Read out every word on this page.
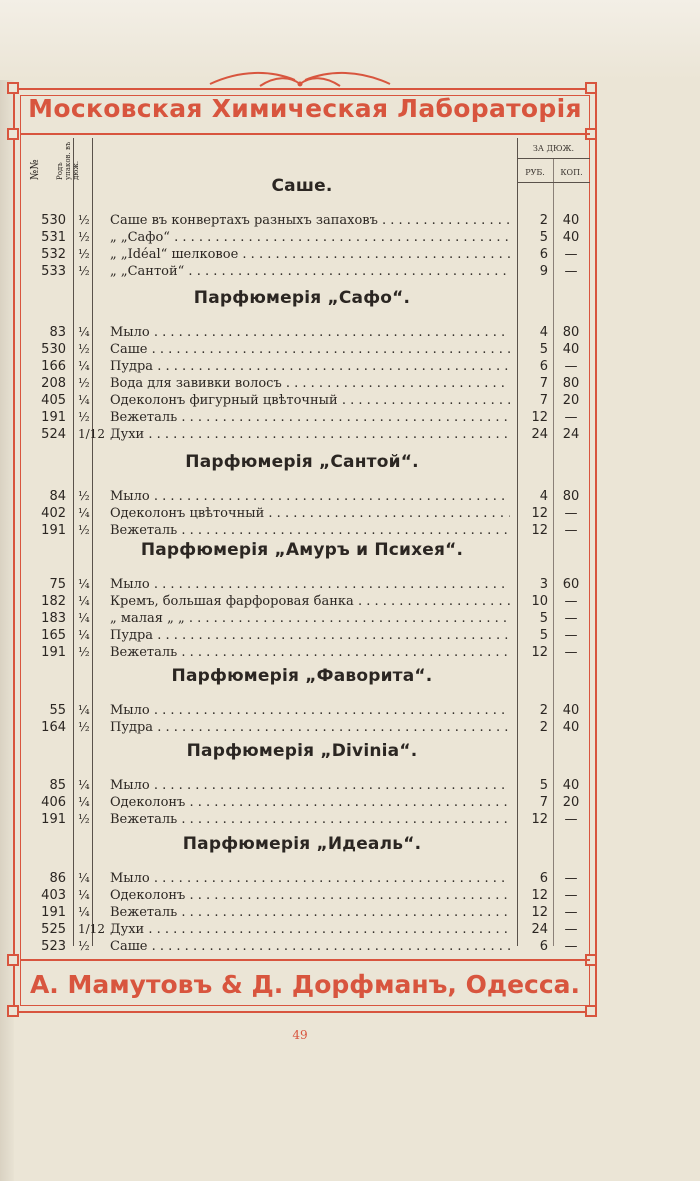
Московская Химическая Лабораторія
№№ Родъ упаков. въ дюж.
ЗА ДЮЖ.
РУБ.	КОП.
Саше.
530 ½	Саше въ конвертахъ разныхъ запаховъ . . .	2	40
531 ½	„ „Сафо“ . . .	5	40
532 ½	„ „Idéal“ шелковое . . .	6	—
533 ½	„ „Сантой“ . . .	9	—
Парфюмерія „Сафо“.
83 ¼	Мыло . . .	4	80
530 ½	Саше . . .	5	40
166 ¼	Пудра . . .	6	—
208 ½	Вода для завивки волосъ . . .	7	80
405 ¼	Одеколонъ фигурный цвѣточный . . .	7	20
191 ½	Вежеталь . . .	12	—
524 1/12 Духи . . .	24	24
Парфюмерія „Сантой“.
84 ½	Мыло . . .	4	80
402 ¼	Одеколонъ цвѣточный . . .	12	—
191 ½	Вежеталь . . .	12	—
Парфюмерія „Амуръ и Психея“.
75 ¼	Мыло . . .	3	60
182 ¼	Кремъ, большая фарфоровая банка . . .	10	—
183 ¼	„ малая „ „ . . .	5	—
165 ¼	Пудра . . .	5	—
191 ½	Вежеталь . . .	12	—
Парфюмерія „Фаворита“.
55 ¼	Мыло . . .	2	40
164 ½	Пудра . . .	2	40
Парфюмерія „Divinia“.
85 ¼	Мыло . . .	5	40
406 ¼	Одеколонъ . . .	7	20
191 ½	Вежеталь . . .	12	—
Парфюмерія „Идеаль“.
86 ¼	Мыло . . .	6	—
403 ¼	Одеколонъ . . .	12	—
191 ¼	Вежеталь . . .	12	—
525 1/12 Духи . . .	24	—
523 ½	Саше . . .	6	—
А. Мамутовъ & Д. Дорфманъ, Одесса.
49
